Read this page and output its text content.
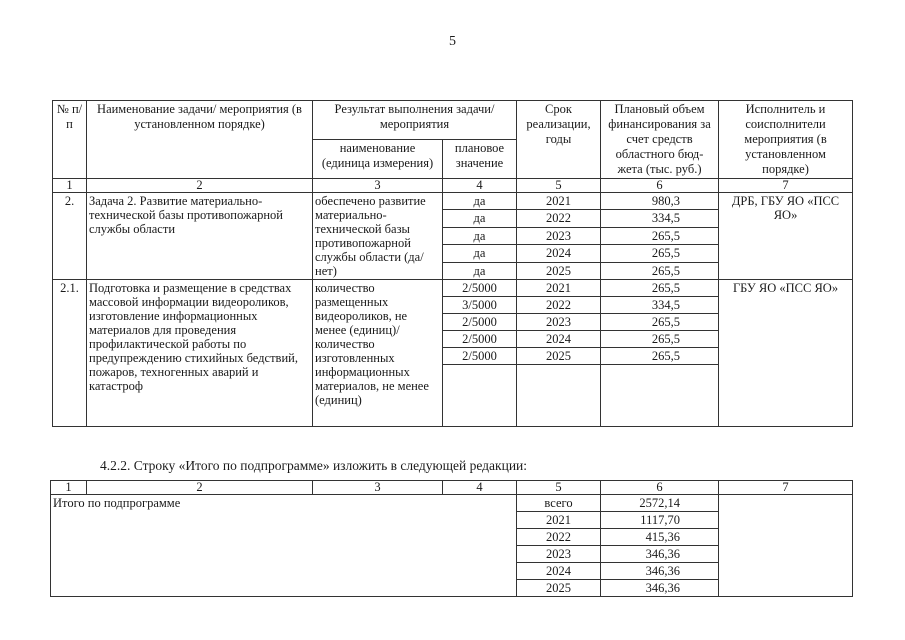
5
№ п/п	Наименование задачи/ мероприятия (в установленном порядке)	Результат выполнения задачи/ мероприятия		Срок реализации, годы	Плановый объем финансирования за счет средств областного бюд- жета (тыс. руб.)	Исполнитель и соисполнители мероприятия (в установленном порядке)
		наименование (единица измерения)	плановое значение			
1	2	3	4	5	6	7
2.	Задача 2. Развитие материально-технической базы противопожарной службы области	обеспечено развитие материально-технической базы противопожарной службы области (да/нет)	да	2021	980,3	ДРБ, ГБУ ЯО «ПСС ЯО»
			да	2022	334,5	
			да	2023	265,5	
			да	2024	265,5	
			да	2025	265,5	
2.1.	Подготовка и размещение в средствах массовой информации видеороликов, изготовление информационных материалов для проведения профилактической работы по предупреждению стихийных бедствий, пожаров, техногенных аварий и катастроф	количество размещенных видеороликов, не менее (единиц)/ количество изготовленных информационных материалов, не менее (единиц)	2/5000	2021	265,5	ГБУ ЯО «ПСС ЯО»
			3/5000	2022	334,5	
			2/5000	2023	265,5	
			2/5000	2024	265,5	
			2/5000	2025	265,5	

4.2.2. Строку «Итого по подпрограмме» изложить в следующей редакции:
1	2	3	4	5	6	7
Итого по подпрограмме				всего	2572,14	
				2021	1117,70	
				2022	415,36	
				2023	346,36	
				2024	346,36	
				2025	346,36	
